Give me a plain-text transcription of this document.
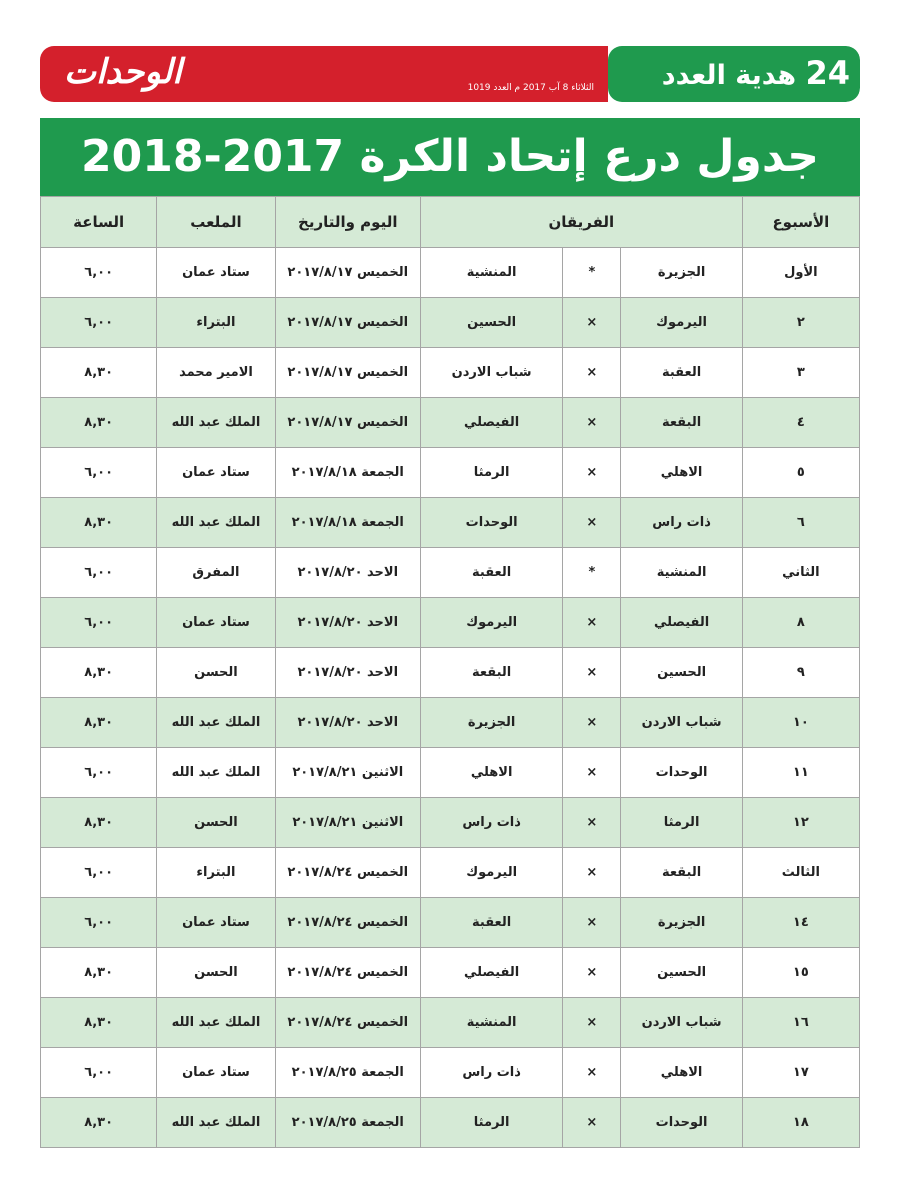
الوحدات	الثلاثاء 8 آب 2017 م العدد 1019	24 هدية العدد
جدول درع إتحاد الكرة 2017-2018
الأسبوع	الفريقان			اليوم والتاريخ	الملعب	الساعة
الأول	الجزيرة	*	المنشية	الخميس ٢٠١٧/٨/١٧	ستاد عمان	٦,٠٠
٢	اليرموك	×	الحسين	الخميس ٢٠١٧/٨/١٧	البتراء	٦,٠٠
٣	العقبة	×	شباب الاردن	الخميس ٢٠١٧/٨/١٧	الامير محمد	٨,٣٠
٤	البقعة	×	الفيصلي	الخميس ٢٠١٧/٨/١٧	الملك عبد الله	٨,٣٠
٥	الاهلي	×	الرمثا	الجمعة ٢٠١٧/٨/١٨	ستاد عمان	٦,٠٠
٦	ذات راس	×	الوحدات	الجمعة ٢٠١٧/٨/١٨	الملك عبد الله	٨,٣٠
الثاني	المنشية	*	العقبة	الاحد ٢٠١٧/٨/٢٠	المفرق	٦,٠٠
٨	الفيصلي	×	اليرموك	الاحد ٢٠١٧/٨/٢٠	ستاد عمان	٦,٠٠
٩	الحسين	×	البقعة	الاحد ٢٠١٧/٨/٢٠	الحسن	٨,٣٠
١٠	شباب الاردن	×	الجزيرة	الاحد ٢٠١٧/٨/٢٠	الملك عبد الله	٨,٣٠
١١	الوحدات	×	الاهلي	الاثنين ٢٠١٧/٨/٢١	الملك عبد الله	٦,٠٠
١٢	الرمثا	×	ذات راس	الاثنين ٢٠١٧/٨/٢١	الحسن	٨,٣٠
الثالث	البقعة	×	اليرموك	الخميس ٢٠١٧/٨/٢٤	البتراء	٦,٠٠
١٤	الجزيرة	×	العقبة	الخميس ٢٠١٧/٨/٢٤	ستاد عمان	٦,٠٠
١٥	الحسين	×	الفيصلي	الخميس ٢٠١٧/٨/٢٤	الحسن	٨,٣٠
١٦	شباب الاردن	×	المنشية	الخميس ٢٠١٧/٨/٢٤	الملك عبد الله	٨,٣٠
١٧	الاهلي	×	ذات راس	الجمعة ٢٠١٧/٨/٢٥	ستاد عمان	٦,٠٠
١٨	الوحدات	×	الرمثا	الجمعة ٢٠١٧/٨/٢٥	الملك عبد الله	٨,٣٠
